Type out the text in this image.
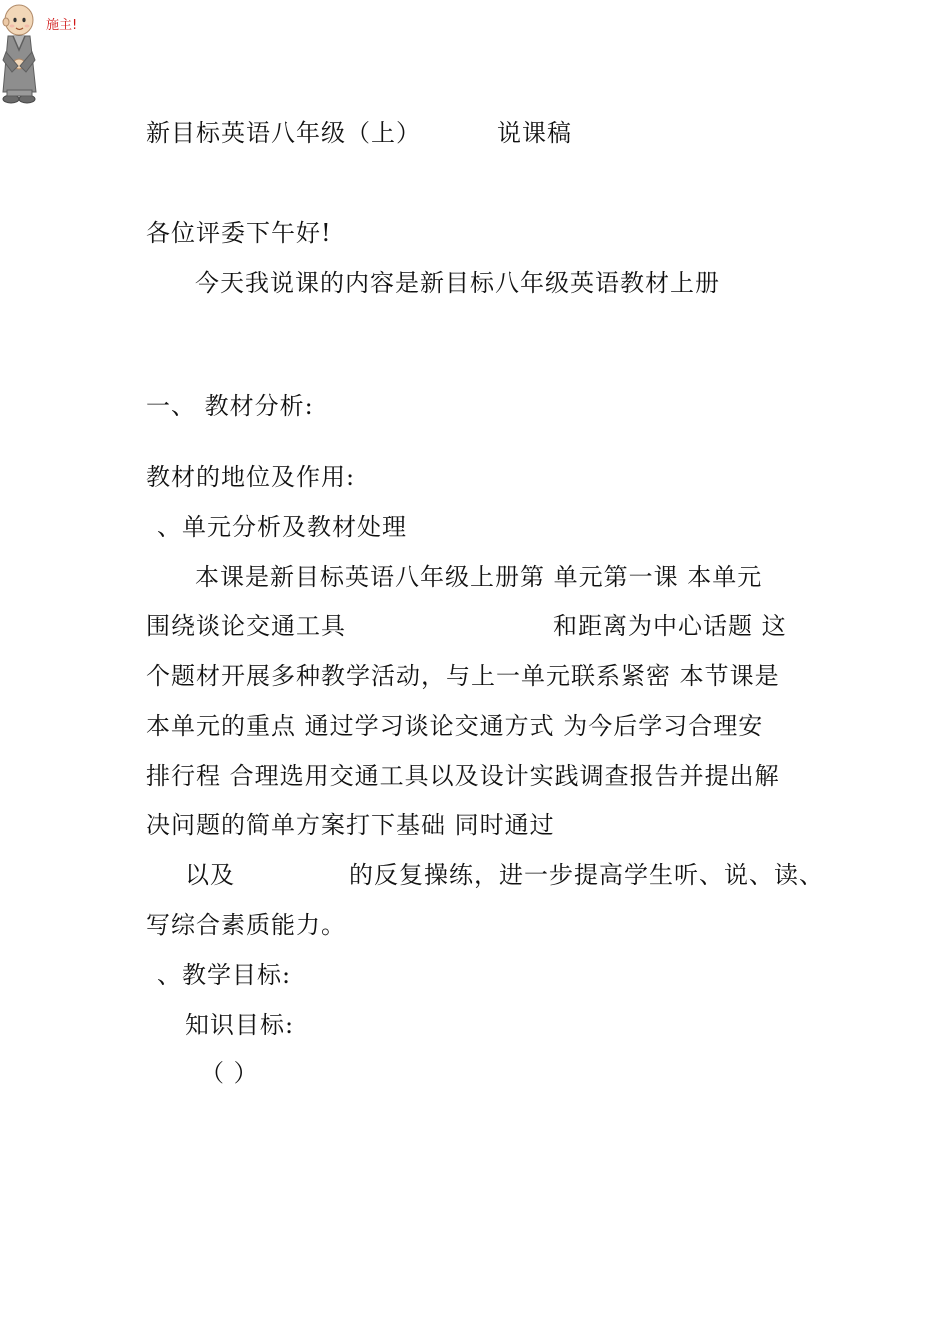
施主!
新目标英语八年级（上）	说课稿
各位评委下午好!
今天我说课的内容是新目标八年级英语教材上册
一、 教材分析:
教材的地位及作用:
、单元分析及教材处理
本课是新目标英语八年级上册第 单元第一课 本单元
围绕谈论交通工具	和距离为中心话题 这
个题材开展多种教学活动，与上一单元联系紧密 本节课是
本单元的重点 通过学习谈论交通方式 为今后学习合理安
排行程 合理选用交通工具以及设计实践调查报告并提出解
决问题的简单方案打下基础 同时通过
以及	的反复操练，进一步提高学生听、说、读、
写综合素质能力。
、教学目标:
知识目标:
（ ）
